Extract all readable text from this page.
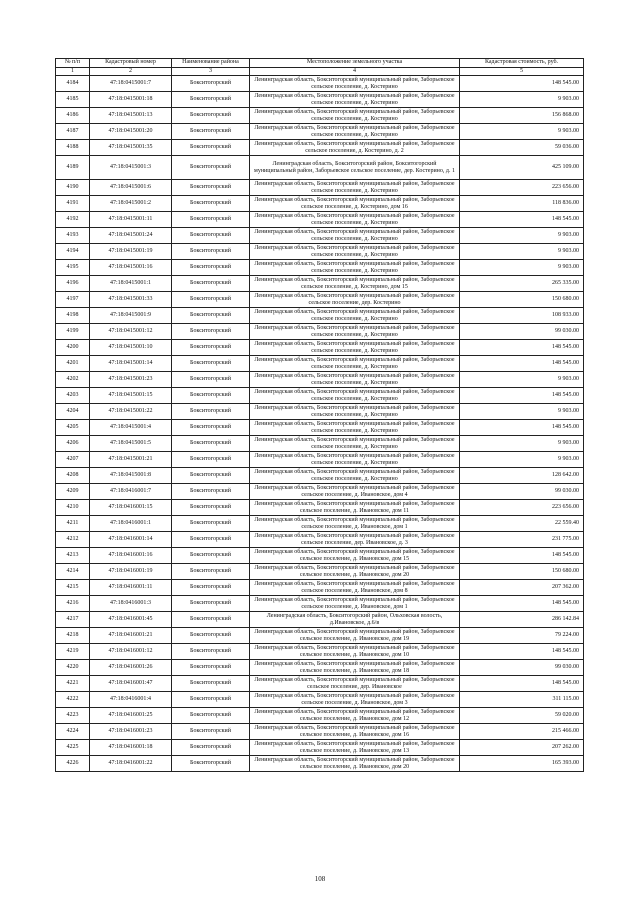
№ п/п	Кадастровый номер	Наименование района	Местоположение земельного участка	Кадастровая стоимость, руб.
1	2	3	4	5
4184	47:18:0415001:7	Бокситогорский	Ленинградская область, Бокситогорский муниципальный район, Заборьевское сельское поселение, д. Костерино	148 545.00
4185	47:18:0415001:18	Бокситогорский	Ленинградская область, Бокситогорский муниципальный район, Заборьевское сельское поселение, д. Костерино	9 903.00
4186	47:18:0415001:13	Бокситогорский	Ленинградская область, Бокситогорский муниципальный район, Заборьевское сельское поселение, д. Костерино	156 868.00
4187	47:18:0415001:20	Бокситогорский	Ленинградская область, Бокситогорский муниципальный район, Заборьевское сельское поселение, д. Костерино	9 903.00
4188	47:18:0415001:35	Бокситогорский	Ленинградская область, Бокситогорский муниципальный район, Заборьевское сельское поселение, д. Костерино, д. 2	59 036.00
4189	47:18:0415001:3	Бокситогорский	Ленинградская область, Бокситогорский район, Бокситогорский муниципальный район, Заборьевское сельское поселение, дер. Костерино, д. 1	425 109.00
4190	47:18:0415001:6	Бокситогорский	Ленинградская область, Бокситогорский муниципальный район, Заборьевское сельское поселение, д. Костерино	223 656.00
4191	47:18:0415001:2	Бокситогорский	Ленинградская область, Бокситогорский муниципальный район, Заборьевское сельское поселение, д. Костерино, дом 16	118 836.00
4192	47:18:0415001:11	Бокситогорский	Ленинградская область, Бокситогорский муниципальный район, Заборьевское сельское поселение, д. Костерино	148 545.00
4193	47:18:0415001:24	Бокситогорский	Ленинградская область, Бокситогорский муниципальный район, Заборьевское сельское поселение, д. Костерино	9 903.00
4194	47:18:0415001:19	Бокситогорский	Ленинградская область, Бокситогорский муниципальный район, Заборьевское сельское поселение, д. Костерино	9 903.00
4195	47:18:0415001:16	Бокситогорский	Ленинградская область, Бокситогорский муниципальный район, Заборьевское сельское поселение, д. Костерино	9 903.00
4196	47:18:0415001:1	Бокситогорский	Ленинградская область, Бокситогорский муниципальный район, Заборьевское сельское поселение, д. Костерино, дом 15	265 335.00
4197	47:18:0415001:33	Бокситогорский	Ленинградская область, Бокситогорский муниципальный район, Заборьевское сельское поселение, дер. Костерино	150 680.00
4198	47:18:0415001:9	Бокситогорский	Ленинградская область, Бокситогорский муниципальный район, Заборьевское сельское поселение, д. Костерино	108 933.00
4199	47:18:0415001:12	Бокситогорский	Ленинградская область, Бокситогорский муниципальный район, Заборьевское сельское поселение, д. Костерино	99 030.00
4200	47:18:0415001:10	Бокситогорский	Ленинградская область, Бокситогорский муниципальный район, Заборьевское сельское поселение, д. Костерино	148 545.00
4201	47:18:0415001:14	Бокситогорский	Ленинградская область, Бокситогорский муниципальный район, Заборьевское сельское поселение, д. Костерино	148 545.00
4202	47:18:0415001:23	Бокситогорский	Ленинградская область, Бокситогорский муниципальный район, Заборьевское сельское поселение, д. Костерино	9 903.00
4203	47:18:0415001:15	Бокситогорский	Ленинградская область, Бокситогорский муниципальный район, Заборьевское сельское поселение, д. Костерино	148 545.00
4204	47:18:0415001:22	Бокситогорский	Ленинградская область, Бокситогорский муниципальный район, Заборьевское сельское поселение, д. Костерино	9 903.00
4205	47:18:0415001:4	Бокситогорский	Ленинградская область, Бокситогорский муниципальный район, Заборьевское сельское поселение, д. Костерино	148 545.00
4206	47:18:0415001:5	Бокситогорский	Ленинградская область, Бокситогорский муниципальный район, Заборьевское сельское поселение, д. Костерино	9 903.00
4207	47:18:0415001:21	Бокситогорский	Ленинградская область, Бокситогорский муниципальный район, Заборьевское сельское поселение, д. Костерино	9 903.00
4208	47:18:0415001:8	Бокситогорский	Ленинградская область, Бокситогорский муниципальный район, Заборьевское сельское поселение, д. Костерино	128 642.00
4209	47:18:0416001:7	Бокситогорский	Ленинградская область, Бокситогорский муниципальный район, Заборьевское сельское поселение, д. Ивановское, дом 4	99 030.00
4210	47:18:0416001:15	Бокситогорский	Ленинградская область, Бокситогорский муниципальный район, Заборьевское сельское поселение, д. Ивановское, дом 11	223 656.00
4211	47:18:0416001:1	Бокситогорский	Ленинградская область, Бокситогорский муниципальный район, Заборьевское сельское поселение, д. Ивановское, дом 1	22 559.40
4212	47:18:0416001:14	Бокситогорский	Ленинградская область, Бокситогорский муниципальный район, Заборьевское сельское поселение, дер. Ивановское, д. 3	231 775.00
4213	47:18:0416001:16	Бокситогорский	Ленинградская область, Бокситогорский муниципальный район, Заборьевское сельское поселение, д. Ивановское, дом 15	148 545.00
4214	47:18:0416001:19	Бокситогорский	Ленинградская область, Бокситогорский муниципальный район, Заборьевское сельское поселение, д. Ивановское, дом 20	150 680.00
4215	47:18:0416001:11	Бокситогорский	Ленинградская область, Бокситогорский муниципальный район, Заборьевское сельское поселение, д. Ивановское, дом 8	207 362.00
4216	47:18:0416001:3	Бокситогорский	Ленинградская область, Бокситогорский муниципальный район, Заборьевское сельское поселение, д. Ивановское, дом 1	148 545.00
4217	47:18:0416001:45	Бокситогорский	Ленинградская область, Бокситогорский район, Ольховская волость, д.Ивановское, д.6/в	286 142.84
4218	47:18:0416001:21	Бокситогорский	Ленинградская область, Бокситогорский муниципальный район, Заборьевское сельское поселение, д. Ивановское, дом 19	79 224.00
4219	47:18:0416001:12	Бокситогорский	Ленинградская область, Бокситогорский муниципальный район, Заборьевское сельское поселение, д. Ивановское, дом 10	148 545.00
4220	47:18:0416001:26	Бокситогорский	Ленинградская область, Бокситогорский муниципальный район, Заборьевское сельское поселение, д. Ивановское, дом 18	99 030.00
4221	47:18:0416001:47	Бокситогорский	Ленинградская область, Бокситогорский муниципальный район, Заборьевское сельское поселение, дер. Ивановское	148 545.00
4222	47:18:0416001:4	Бокситогорский	Ленинградская область, Бокситогорский муниципальный район, Заборьевское сельское поселение, д. Ивановское, дом 3	311 115.00
4223	47:18:0416001:25	Бокситогорский	Ленинградская область, Бокситогорский муниципальный район, Заборьевское сельское поселение, д. Ивановское, дом 12	59 020.00
4224	47:18:0416001:23	Бокситогорский	Ленинградская область, Бокситогорский муниципальный район, Заборьевское сельское поселение, д. Ивановское, дом 16	215 466.00
4225	47:18:0416001:18	Бокситогорский	Ленинградская область, Бокситогорский муниципальный район, Заборьевское сельское поселение, д. Ивановское, дом 13	207 262.00
4226	47:18:0416001:22	Бокситогорский	Ленинградская область, Бокситогорский муниципальный район, Заборьевское сельское поселение, д. Ивановское, дом 20	165 393.00
108
